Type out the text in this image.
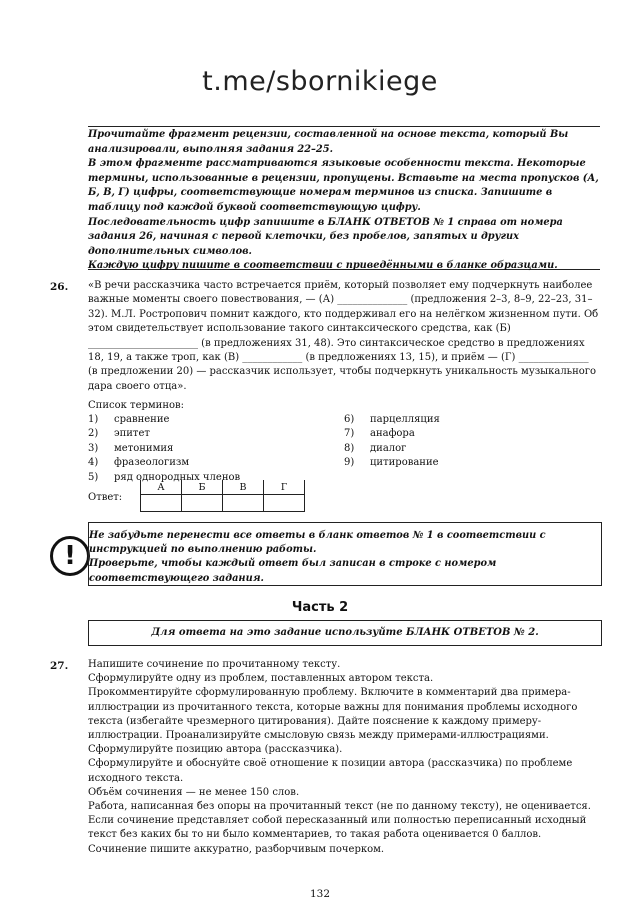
t.me/sbornikiege

Прочитайте фрагмент рецензии, составленной на основе текста, который Вы анализировали, выполняя задания 22–25.

В этом фрагменте рассматриваются языковые особенности текста. Некоторые термины, использованные в рецензии, пропущены. Вставьте на места пропусков (А, Б, В, Г) цифры, соответствующие номерам терминов из списка. Запишите в таблицу под каждой буквой соответствующую цифру.

Последовательность цифр запишите в БЛАНК ОТВЕТОВ № 1 справа от номера задания 26, начиная с первой клеточки, без пробелов, запятых и других дополнительных символов.

Каждую цифру пишите в соответствии с приведёнными в бланке образцами.

26. «В речи рассказчика часто встречается приём, который позволяет ему подчеркнуть наиболее важные моменты своего повествования, — (А) ______________ (предложения 2–3, 8–9, 22–23, 31–32). М.Л. Ростропович помнит каждого, кто поддерживал его на нелёгком жизненном пути. Об этом свидетельствует использование такого синтаксического средства, как (Б) ______________________ (в предложениях 31, 48). Это синтаксическое средство в предложениях 18, 19, а также троп, как (В) ____________ (в предложениях 13, 15), и приём — (Г) ______________ (в предложении 20) — рассказчик использует, чтобы подчеркнуть уникальность музыкального дара своего отца».

Список терминов:
1)	сравнение
2)	эпитет
3)	метонимия
4)	фразеологизм
5)	ряд однородных членов
6)	парцелляция
7)	анафора
8)	диалог
9)	цитирование
Ответ:
А	Б	В	Г

!

Не забудьте перенести все ответы в бланк ответов № 1 в соответствии с инструкцией по выполнению работы.

Проверьте, чтобы каждый ответ был записан в строке с номером соответствующего задания.

Часть 2
Для ответа на это задание используйте БЛАНК ОТВЕТОВ № 2.
27. Напишите сочинение по прочитанному тексту.

Сформулируйте одну из проблем, поставленных автором текста.

Прокомментируйте сформулированную проблему. Включите в комментарий два примера-иллюстрации из прочитанного текста, которые важны для понимания проблемы исходного текста (избегайте чрезмерного цитирования). Дайте пояснение к каждому примеру-иллюстрации. Проанализируйте смысловую связь между примерами-иллюстрациями.

Сформулируйте позицию автора (рассказчика).

Сформулируйте и обоснуйте своё отношение к позиции автора (рассказчика) по проблеме исходного текста.

Объём сочинения — не менее 150 слов.

Работа, написанная без опоры на прочитанный текст (не по данному тексту), не оценивается. Если сочинение представляет собой пересказанный или полностью переписанный исходный текст без каких бы то ни было комментариев, то такая работа оценивается 0 баллов.

Сочинение пишите аккуратно, разборчивым почерком.

132
